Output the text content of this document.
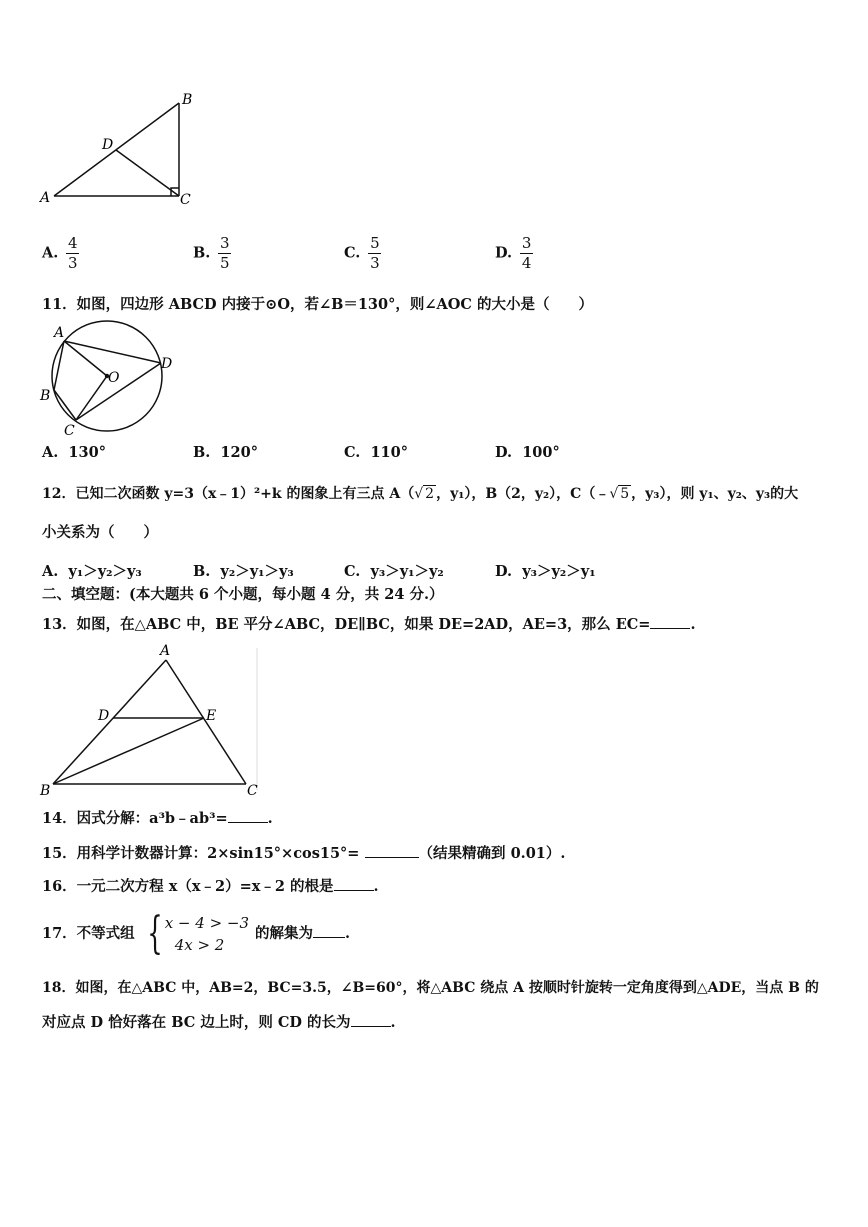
A
B
C
D
A. $\frac{4}{3}$	B. $\frac{3}{5}$	C. $\frac{5}{3}$	D. $\frac{3}{4}$
11．如图，四边形 ABCD 内接于⊙O，若∠B＝130°，则∠AOC 的大小是（　　）
A
B
C
D
O
A. 130°	B. 120°	C. 110°	D. 100°
12．已知二次函数 y=3（x﹣1）²+k 的图象上有三点 A（√ 2 ，y₁），B（2，y₂），C（﹣√ 5 ，y₃），则 y₁、y₂、y₃的大
小关系为（　　）
A. y₁＞y₂＞y₃	B. y₂＞y₁＞y₃	C. y₃＞y₁＞y₂	D. y₃＞y₂＞y₁
二、填空题：(本大题共 6 个小题，每小题 4 分，共 24 分.）
13．如图，在△ABC 中，BE 平分∠ABC，DE∥BC，如果 DE=2AD，AE=3，那么 EC=	.
A
B	C
D	E
14．因式分解：a³b﹣ab³=	.
15．用科学计数器计算：2×sin15°×cos15°=	（结果精确到 0.01）.
16．一元二次方程 x（x﹣2）=x﹣2 的根是	.
17．不等式组 { x − 4 > −3
4x > 2
的解集为 .
18．如图，在△ABC 中，AB=2，BC=3.5，∠B=60°，将△ABC 绕点 A 按顺时针旋转一定角度得到△ADE，当点 B 的
对应点 D 恰好落在 BC 边上时，则 CD 的长为	.
